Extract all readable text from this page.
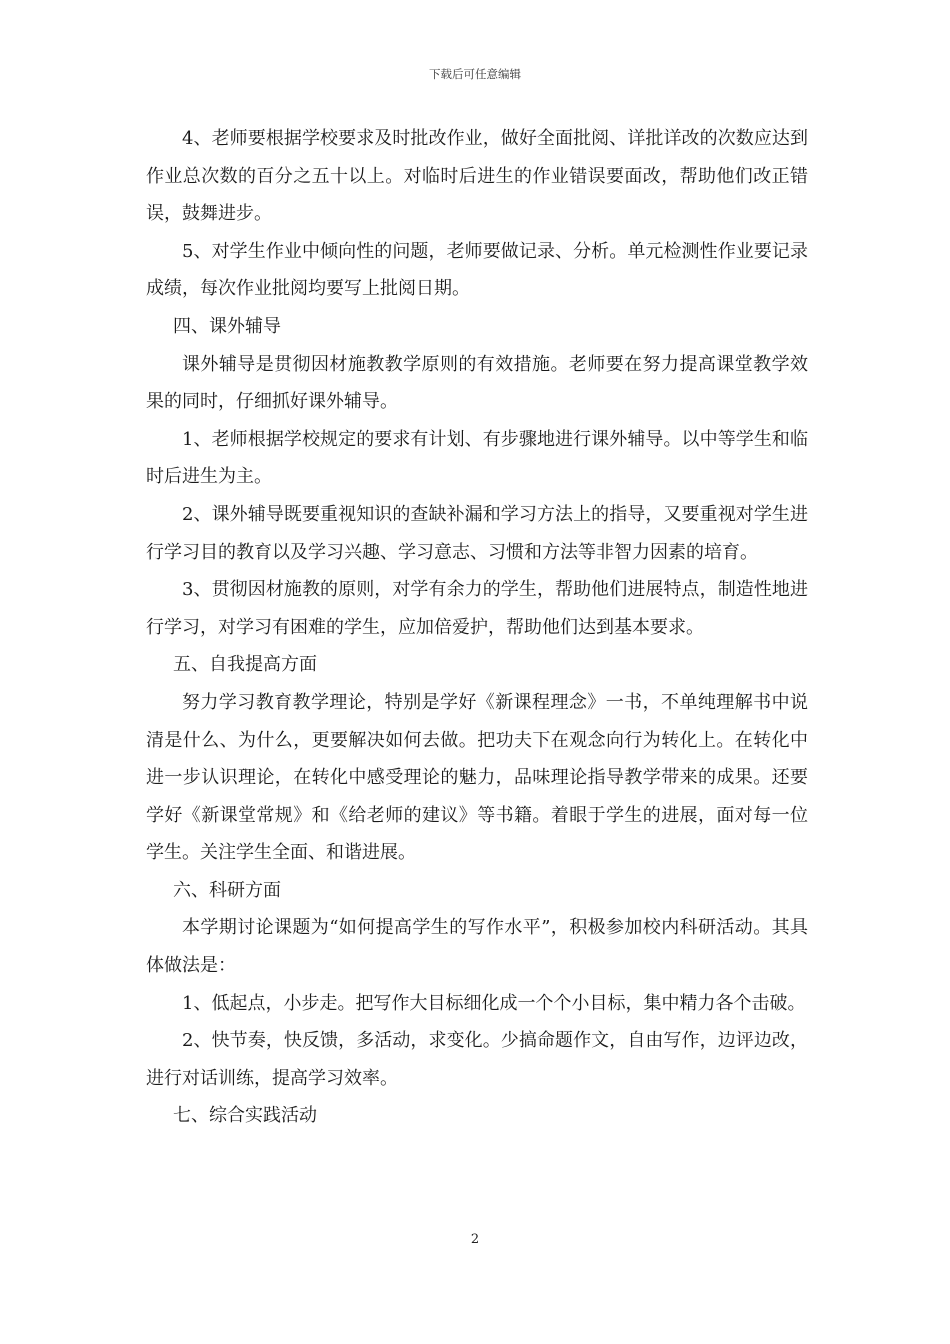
下载后可任意编辑

4、老师要根据学校要求及时批改作业，做好全面批阅、详批详改的次数应达到作业总次数的百分之五十以上。对临时后进生的作业错误要面改，帮助他们改正错误，鼓舞进步。

5、对学生作业中倾向性的问题，老师要做记录、分析。单元检测性作业要记录成绩，每次作业批阅均要写上批阅日期。

四、课外辅导

课外辅导是贯彻因材施教教学原则的有效措施。老师要在努力提高课堂教学效果的同时，仔细抓好课外辅导。

1、老师根据学校规定的要求有计划、有步骤地进行课外辅导。以中等学生和临时后进生为主。

2、课外辅导既要重视知识的查缺补漏和学习方法上的指导，又要重视对学生进行学习目的教育以及学习兴趣、学习意志、习惯和方法等非智力因素的培育。

3、贯彻因材施教的原则，对学有余力的学生，帮助他们进展特点，制造性地进行学习，对学习有困难的学生，应加倍爱护，帮助他们达到基本要求。

五、自我提高方面

努力学习教育教学理论，特别是学好《新课程理念》一书，不单纯理解书中说清是什么、为什么，更要解决如何去做。把功夫下在观念向行为转化上。在转化中进一步认识理论，在转化中感受理论的魅力，品味理论指导教学带来的成果。还要学好《新课堂常规》和《给老师的建议》等书籍。着眼于学生的进展，面对每一位学生。关注学生全面、和谐进展。

六、科研方面

本学期讨论课题为“如何提高学生的写作水平”，积极参加校内科研活动。其具体做法是：

1、低起点，小步走。把写作大目标细化成一个个小目标，集中精力各个击破。

2、快节奏，快反馈，多活动，求变化。少搞命题作文，自由写作，边评边改，进行对话训练，提高学习效率。

七、综合实践活动

2
